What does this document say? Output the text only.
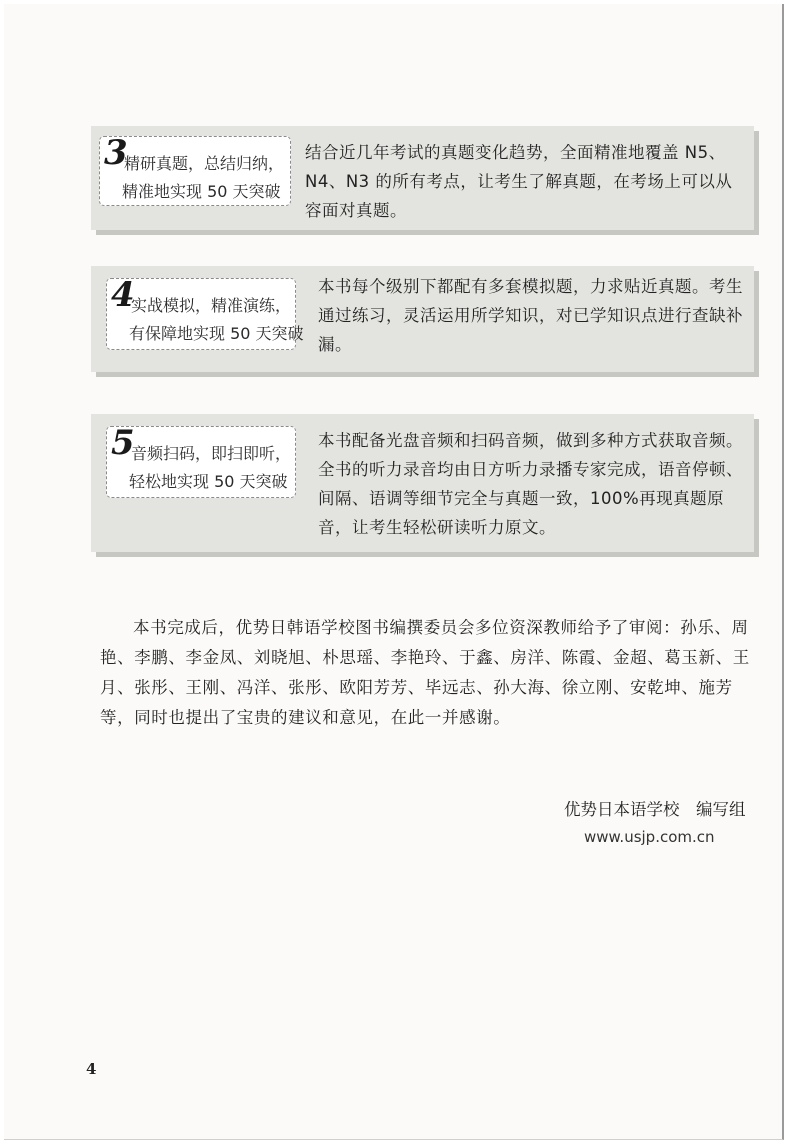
3
精研真题，总结归纳，
精准地实现 50 天突破
结合近几年考试的真题变化趋势，全面精准地覆盖 N5、N4、N3 的所有考点，让考生了解真题，在考场上可以从容面对真题。
4
实战模拟，精准演练，
有保障地实现 50 天突破
本书每个级别下都配有多套模拟题，力求贴近真题。考生通过练习，灵活运用所学知识，对已学知识点进行查缺补漏。
5
音频扫码，即扫即听，
轻松地实现 50 天突破
本书配备光盘音频和扫码音频，做到多种方式获取音频。全书的听力录音均由日方听力录播专家完成，语音停顿、间隔、语调等细节完全与真题一致，100%再现真题原音，让考生轻松研读听力原文。

本书完成后，优势日韩语学校图书编撰委员会多位资深教师给予了审阅：孙乐、周艳、李鹏、李金凤、刘晓旭、朴思瑶、李艳玲、于鑫、房洋、陈霞、金超、葛玉新、王月、张彤、王刚、冯洋、张彤、欧阳芳芳、毕远志、孙大海、徐立刚、安乾坤、施芳等，同时也提出了宝贵的建议和意见，在此一并感谢。

优势日本语学校　编写组
www.usjp.com.cn
4
